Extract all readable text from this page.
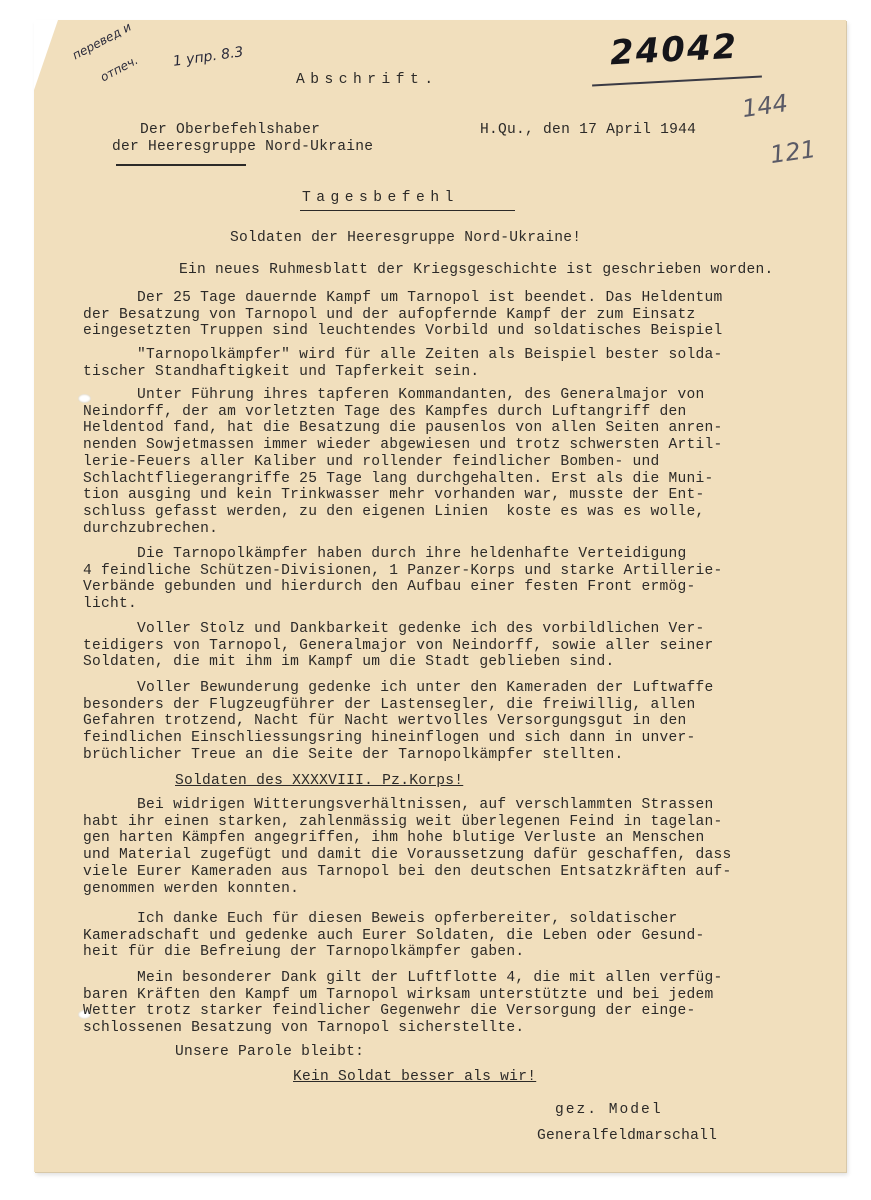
перевед и
отпеч. 1 упр. 8.3	24042
144
121
Abschrift.
Der Oberbefehlshaber
der Heeresgruppe Nord-Ukraine
H.Qu., den 17 April 1944
Tagesbefehl
Soldaten der Heeresgruppe Nord-Ukraine!
Ein neues Ruhmesblatt der Kriegsgeschichte ist geschrieben worden.
Der 25 Tage dauernde Kampf um Tarnopol ist beendet. Das Heldentum
der Besatzung von Tarnopol und der aufopfernde Kampf der zum Einsatz
eingesetzten Truppen sind leuchtendes Vorbild und soldatisches Beispiel
"Tarnopolkämpfer" wird für alle Zeiten als Beispiel bester solda-
tischer Standhaftigkeit und Tapferkeit sein.
Unter Führung ihres tapferen Kommandanten, des Generalmajor von
Neindorff, der am vorletzten Tage des Kampfes durch Luftangriff den
Heldentod fand, hat die Besatzung die pausenlos von allen Seiten anren-
nenden Sowjetmassen immer wieder abgewiesen und trotz schwersten Artil-
lerie-Feuers aller Kaliber und rollender feindlicher Bomben- und
Schlachtfliegerangriffe 25 Tage lang durchgehalten. Erst als die Muni-
tion ausging und kein Trinkwasser mehr vorhanden war, musste der Ent-
schluss gefasst werden, zu den eigenen Linien  koste es was es wolle,
durchzubrechen.
Die Tarnopolkämpfer haben durch ihre heldenhafte Verteidigung
4 feindliche Schützen-Divisionen, 1 Panzer-Korps und starke Artillerie-
Verbände gebunden und hierdurch den Aufbau einer festen Front ermög-
licht.
Voller Stolz und Dankbarkeit gedenke ich des vorbildlichen Ver-
teidigers von Tarnopol, Generalmajor von Neindorff, sowie aller seiner
Soldaten, die mit ihm im Kampf um die Stadt geblieben sind.
Voller Bewunderung gedenke ich unter den Kameraden der Luftwaffe
besonders der Flugzeugführer der Lastensegler, die freiwillig, allen
Gefahren trotzend, Nacht für Nacht wertvolles Versorgungsgut in den
feindlichen Einschliessungsring hineinflogen und sich dann in unver-
brüchlicher Treue an die Seite der Tarnopolkämpfer stellten.
Soldaten des XXXXVIII. Pz.Korps!
Bei widrigen Witterungsverhältnissen, auf verschlammten Strassen
habt ihr einen starken, zahlenmässig weit überlegenen Feind in tagelan-
gen harten Kämpfen angegriffen, ihm hohe blutige Verluste an Menschen
und Material zugefügt und damit die Voraussetzung dafür geschaffen, dass
viele Eurer Kameraden aus Tarnopol bei den deutschen Entsatzkräften auf-
genommen werden konnten.
Ich danke Euch für diesen Beweis opferbereiter, soldatischer
Kameradschaft und gedenke auch Eurer Soldaten, die Leben oder Gesund-
heit für die Befreiung der Tarnopolkämpfer gaben.
Mein besonderer Dank gilt der Luftflotte 4, die mit allen verfüg-
baren Kräften den Kampf um Tarnopol wirksam unterstützte und bei jedem
Wetter trotz starker feindlicher Gegenwehr die Versorgung der einge-
schlossenen Besatzung von Tarnopol sicherstellte.
Unsere Parole bleibt:
Kein Soldat besser als wir!
gez. Model
Generalfeldmarschall
